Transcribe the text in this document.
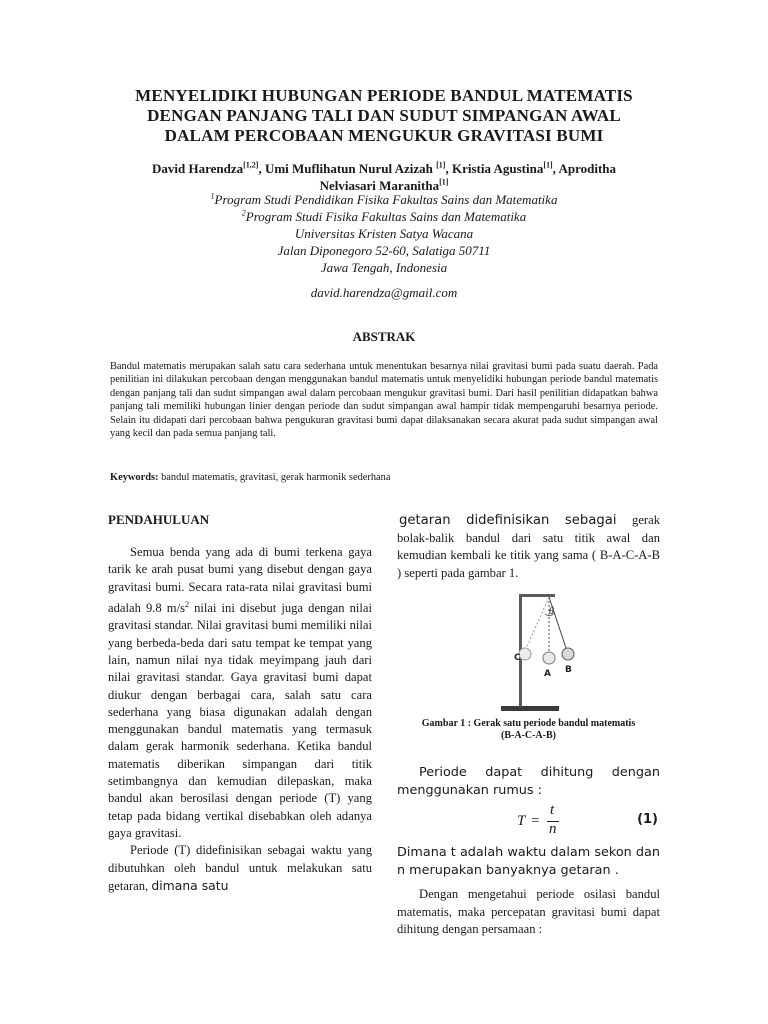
MENYELIDIKI HUBUNGAN PERIODE BANDUL MATEMATIS
DENGAN PANJANG TALI DAN SUDUT SIMPANGAN AWAL
DALAM PERCOBAAN MENGUKUR GRAVITASI BUMI
David Harendza[1,2], Umi Muflihatun Nurul Azizah [1], Kristia Agustina[1], Aproditha
Nelviasari Maranitha[1]
$^1$Program Studi Pendidikan Fisika Fakultas Sains dan Matematika
$^2$Program Studi Fisika Fakultas Sains dan Matematika
Universitas Kristen Satya Wacana
Jalan Diponegoro 52-60, Salatiga 50711
Jawa Tengah, Indonesia
david.harendza@gmail.com
ABSTRAK
Bandul matematis merupakan salah satu cara sederhana untuk menentukan besarnya nilai gravitasi bumi pada suatu daerah. Pada penilitian ini dilakukan percobaan dengan menggunakan bandul matematis untuk menyelidiki hubungan periode bandul matematis dengan panjang tali dan sudut simpangan awal dalam percobaan mengukur gravitasi bumi. Dari hasil penilitian didapatkan bahwa panjang tali memiliki hubungan linier dengan periode dan sudut simpangan awal hampir tidak mempengaruhi besarnya periode. Selain itu didapati dari percobaan bahwa pengukuran gravitasi bumi dapat dilaksanakan secara akurat pada sudut simpangan awal yang kecil dan pada semua panjang tali.
Keywords: bandul matematis, gravitasi, gerak harmonik sederhana
PENDAHULUAN

Semua benda yang ada di bumi terkena gaya tarik ke arah pusat bumi yang disebut dengan gaya gravitasi bumi. Secara rata-rata nilai gravitasi bumi adalah 9.8 $m/s^2$ nilai ini disebut juga dengan nilai gravitasi standar. Nilai gravitasi bumi memiliki nilai yang berbeda-beda dari satu tempat ke tempat yang lain, namun nilai nya tidak meyimpang jauh dari nilai gravitasi standar. Gaya gravitasi bumi dapat diukur dengan berbagai cara, salah satu cara sederhana yang biasa digunakan adalah dengan menggunakan bandul matematis yang termasuk dalam gerak harmonik sederhana. Ketika bandul matematis diberikan simpangan dari titik setimbangnya dan kemudian dilepaskan, maka bandul akan berosilasi dengan periode (T) yang tetap pada bidang vertikal disebabkan oleh adanya gaya gravitasi.

Periode (T) didefinisikan sebagai waktu yang dibutuhkan oleh bandul untuk melakukan satu getaran, dimana satu

getaran didefinisikan sebagai gerak bolak-balik bandul dari satu titik awal dan kemudian kembali ke titik yang sama ( B-A-C-A-B ) seperti pada gambar 1.

θ
C
A B
Gambar 1 : Gerak satu periode bandul matematis
(B-A-C-A-B)

Periode dapat dihitung dengan menggunakan rumus :

T =
t
n
(1)

Dimana t adalah waktu dalam sekon dan n merupakan banyaknya getaran .

Dengan mengetahui periode osilasi bandul matematis, maka percepatan gravitasi bumi dapat dihitung dengan persamaan :
